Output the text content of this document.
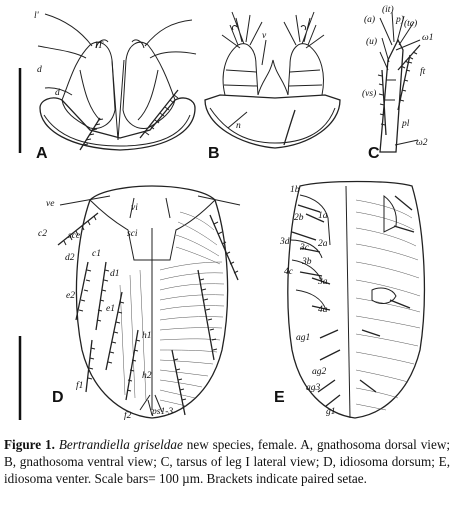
l'
lT
d
d
A
v
n
B
(a)
(it)
p) (tc)
(u)	ω1
ft
(vs)
pl
ω2
C
ve	vi
c2 sce	sci
d2 c1
d1
e2
e1
h1
h2
f1
f2 ps1-3
D
1b
1a
2b
2a
3d
3c
3b
3a
4c
4a
ag1
ag2
ag3
g1
E
Figure 1. Bertrandiella griseldae new species, female. A, gnathosoma dorsal view; B, gnathosoma ventral view; C, tarsus of leg I lateral view; D, idiosoma dorsum; E, idiosoma venter. Scale bars= 100 µm. Brackets indicate paired setae.
